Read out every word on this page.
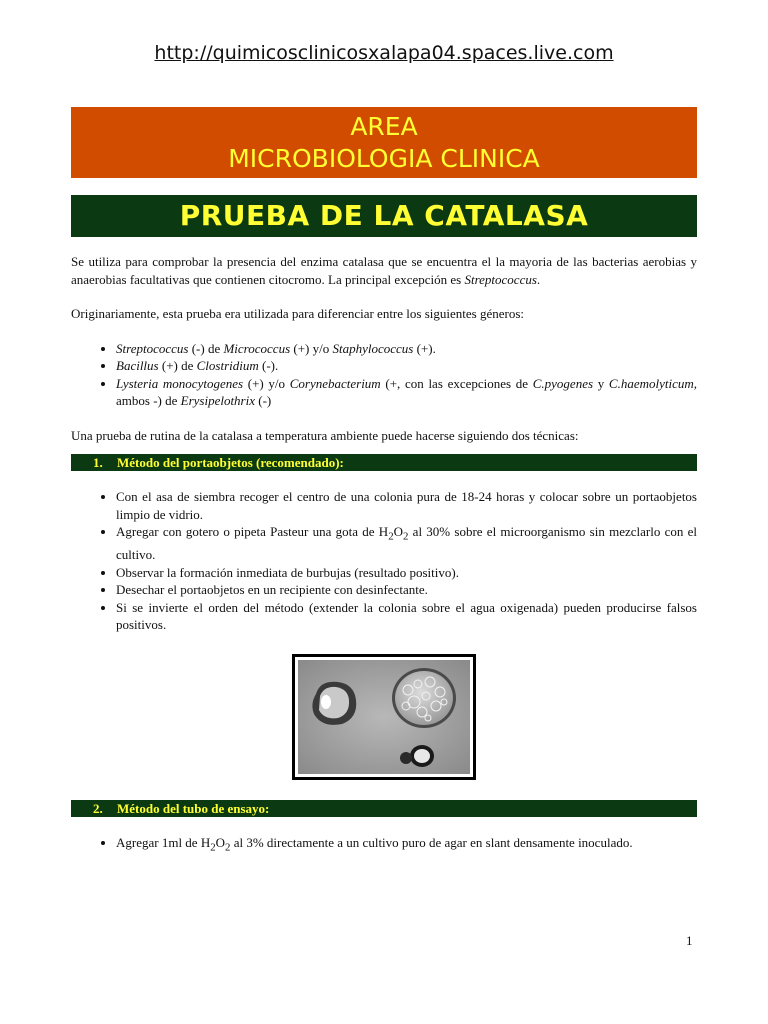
http://quimicosclinicosxalapa04.spaces.live.com
AREA
MICROBIOLOGIA CLINICA
PRUEBA DE LA CATALASA

Se utiliza para comprobar la presencia del enzima catalasa que se encuentra el la mayoria de las bacterias aerobias y anaerobias facultativas que contienen citocromo. La principal excepción es Streptococcus.

Originariamente, esta prueba era utilizada para diferenciar entre los siguientes géneros:

• Streptococcus (-) de Micrococcus (+) y/o Staphylococcus (+).
• Bacillus (+) de Clostridium (-).
• Lysteria monocytogenes (+) y/o Corynebacterium (+, con las excepciones de C.pyogenes y C.haemolyticum, ambos -) de Erysipelothrix (-)

Una prueba de rutina de la catalasa a temperatura ambiente puede hacerse siguiendo dos técnicas:

1. Método del portaobjetos (recomendado):
• Con el asa de siembra recoger el centro de una colonia pura de 18-24 horas y colocar sobre un portaobjetos limpio de vidrio.
• Agregar con gotero o pipeta Pasteur una gota de $H_2O_2$ al 30% sobre el microorganismo sin mezclarlo con el cultivo.
• Observar la formación inmediata de burbujas (resultado positivo).
• Desechar el portaobjetos en un recipiente con desinfectante.
• Si se invierte el orden del método (extender la colonia sobre el agua oxigenada) pueden producirse falsos positivos.
2. Método del tubo de ensayo:
• Agregar 1ml de $H_2O_2$ al 3% directamente a un cultivo puro de agar en slant densamente inoculado.
1
